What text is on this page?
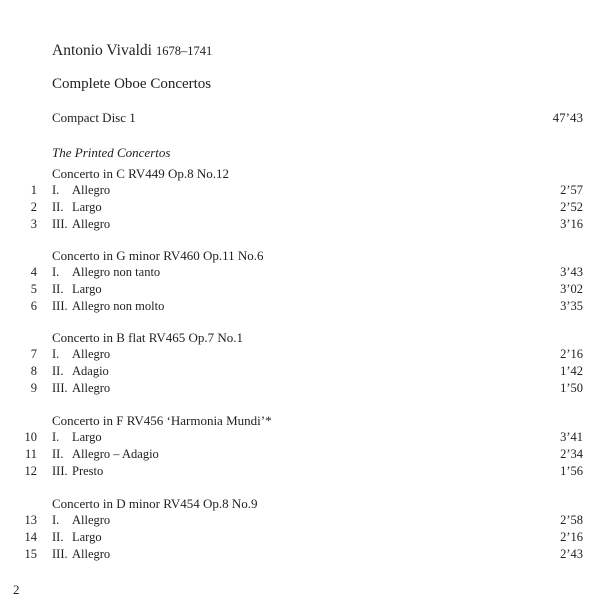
Antonio Vivaldi 1678–1741
Complete Oboe Concertos
Compact Disc 1	47’43
The Printed Concertos
Concerto in C RV449 Op.8 No.12
1 I.	Allegro	2’57
2 II. Largo	2’52
3 III. Allegro	3’16
Concerto in G minor RV460 Op.11 No.6
4 I.	Allegro non tanto	3’43
5 II. Largo	3’02
6 III. Allegro non molto	3’35
Concerto in B flat RV465 Op.7 No.1
7 I.	Allegro	2’16
8 II. Adagio	1’42
9 III. Allegro	1’50
Concerto in F RV456 ‘Harmonia Mundi’*
10 I.	Largo	3’41
11 II. Allegro – Adagio	2’34
12 III. Presto	1’56
Concerto in D minor RV454 Op.8 No.9
13 I.	Allegro	2’58
14 II. Largo	2’16
15 III. Allegro	2’43
2
